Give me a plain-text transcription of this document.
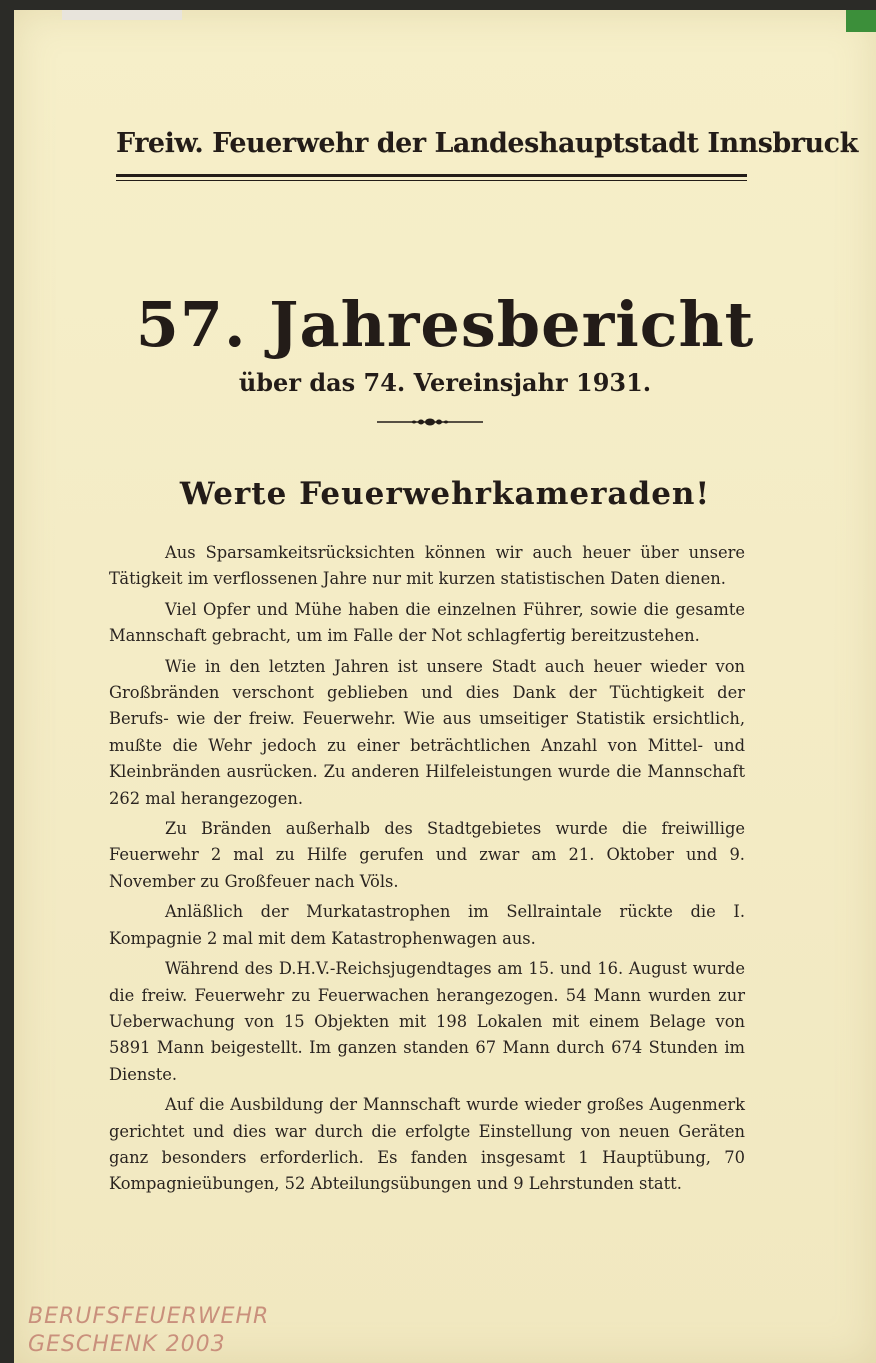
Freiw. Feuerwehr der Landeshauptstadt Innsbruck
57. Jahresbericht
über das 74. Vereinsjahr 1931.
Werte Feuerwehrkameraden!

Aus Sparsamkeitsrücksichten können wir auch heuer über unsere Tätigkeit im verflossenen Jahre nur mit kurzen statistischen Daten dienen.

Viel Opfer und Mühe haben die einzelnen Führer, sowie die gesamte Mannschaft gebracht, um im Falle der Not schlagfertig bereitzustehen.

Wie in den letzten Jahren ist unsere Stadt auch heuer wieder von Großbränden verschont geblieben und dies Dank der Tüchtigkeit der Berufs- wie der freiw. Feuerwehr. Wie aus umseitiger Statistik ersichtlich, mußte die Wehr jedoch zu einer beträchtlichen Anzahl von Mittel- und Kleinbränden ausrücken. Zu anderen Hilfeleistungen wurde die Mannschaft 262 mal herangezogen.

Zu Bränden außerhalb des Stadtgebietes wurde die freiwillige Feuerwehr 2 mal zu Hilfe gerufen und zwar am 21. Oktober und 9. November zu Großfeuer nach Völs.

Anläßlich der Murkatastrophen im Sellraintale rückte die I. Kompagnie 2 mal mit dem Katastrophenwagen aus.

Während des D.H.V.-Reichsjugendtages am 15. und 16. August wurde die freiw. Feuerwehr zu Feuerwachen herangezogen. 54 Mann wurden zur Ueberwachung von 15 Objekten mit 198 Lokalen mit einem Belage von 5891 Mann beigestellt. Im ganzen standen 67 Mann durch 674 Stunden im Dienste.

Auf die Ausbildung der Mannschaft wurde wieder großes Augenmerk gerichtet und dies war durch die erfolgte Einstellung von neuen Geräten ganz besonders erforderlich. Es fanden insgesamt 1 Hauptübung, 70 Kompagnieübungen, 52 Abteilungsübungen und 9 Lehrstunden statt.

BERUFSFEUERWEHR
GESCHENK 2003
